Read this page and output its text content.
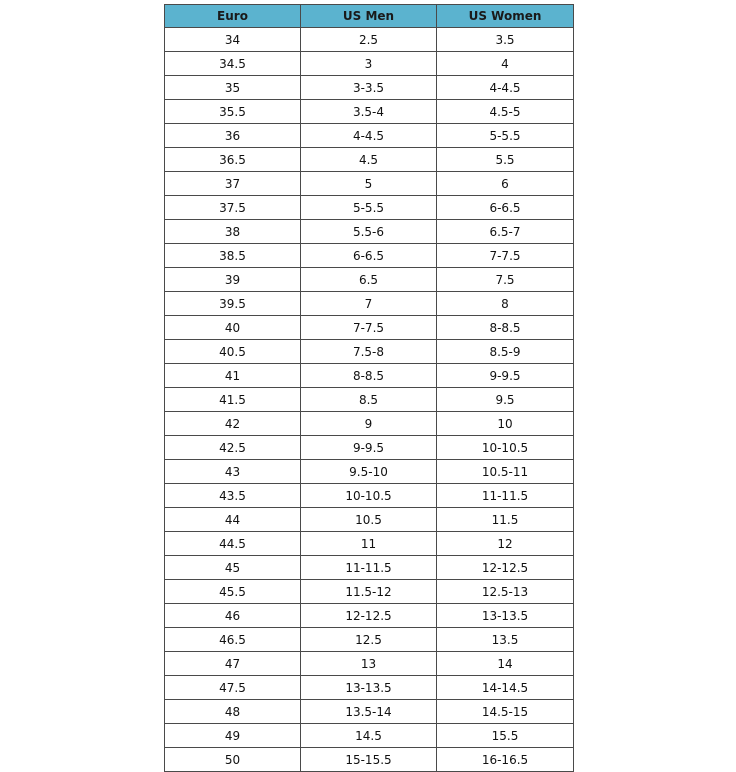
Euro	US Men	US Women
34	2.5	3.5
34.5	3	4
35	3-3.5	4-4.5
35.5	3.5-4	4.5-5
36	4-4.5	5-5.5
36.5	4.5	5.5
37	5	6
37.5	5-5.5	6-6.5
38	5.5-6	6.5-7
38.5	6-6.5	7-7.5
39	6.5	7.5
39.5	7	8
40	7-7.5	8-8.5
40.5	7.5-8	8.5-9
41	8-8.5	9-9.5
41.5	8.5	9.5
42	9	10
42.5	9-9.5	10-10.5
43	9.5-10	10.5-11
43.5	10-10.5	11-11.5
44	10.5	11.5
44.5	11	12
45	11-11.5	12-12.5
45.5	11.5-12	12.5-13
46	12-12.5	13-13.5
46.5	12.5	13.5
47	13	14
47.5	13-13.5	14-14.5
48	13.5-14	14.5-15
49	14.5	15.5
50	15-15.5	16-16.5
